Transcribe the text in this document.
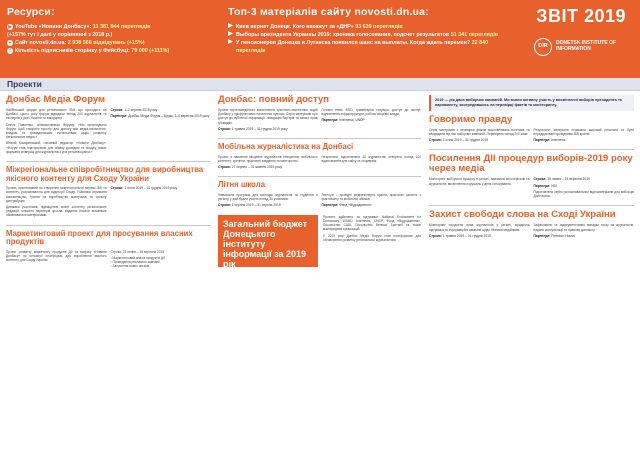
Ресурси:
▶ YouTube «Новини Донбасу»: 11 381 844 переглядів
(+157% тут і далі у порівнянні з 2018 р.)
● Сайт novosti.dn.ua: 2 938 566 відвідувань (+15%)
f Кількість підписників сторінку у Фейсбуці: 79 000 (+111%)
Топ-3 матеріалів сайту novosti.dn.ua:
Киев вернет Донецк. Кого накажут за «ДНР» 93 639 переглядів
Выборы президента Украины 2019: хроника голосования, подсчет результатов 51 341 переглядів
У пенсионеров Донецка и Луганска появился шанс на выплаты. Когда ждать перемен? 22 840
переглядів
ЗВІТ 2019
DIR	DONETSK INSTITUTE OF INFORMATION
Проекти
Донбас Медіа Форум

Найбільший форум для регіональних ЗМІ, що проходить на Донбасі. Цього року форум відвідали понад 200 журналістів та експертів з усієї України та закордону.

Олеся Павленко, співзасновниця Форуму: «Ми організували Форум, щоб створити простір для діалогу між медіа-спільнотою, владою та громадянським суспільством щодо розвитку регіональних медіа.»

Віталій Комаренський, головний редактор «Новини Донбасу»: «Форум став платформою для обміну досвідом та пошуку нових форматів співпраці для журналістів з усіх регіонів країни.»

Строки: 1–2 серпня 2019 року

Партнери: Донбас Медіа Форум – Буряк, 3–4 вересня 2019 року

Міжрегіональне співробітництво для виробництва якісного контенту для Сходу України

Проект, орієнтований на створення міжрегіональної мережі ЗМІ та контенту, розрахованого для аудиторії Сходу. Учасники отримали наставництво, гранти на виробництво матеріалів та спільну дистрибуцію.

Динаміка участників: підвищення якості контенту регіональних редакцій, кількість партнерів зросла, видання почали активніше обмінюватися матеріалами.

Строки: 1 січня 2019 – 31 грудня 2019 року

Маркетинговий проект для просування власних продуктів

Проект розвитку маркетингу продуктів ДІІ та випуску «Новини Донбасу» як основної платформи для вироблення якісного контенту для Сходу України.

Строки: 15 липня – 15 вересня 2019

• Маркетинговий аналіз продуктів ДІІ

• Проведення рекламної кампанії

• Залучення нових читачів

Донбас: повний доступ

Проект мультимедійного висвітлення суспільно-політичних подій Донбасу у прифронтових населених пунктах. Серія матеріалів про доступ до публічної інформації, ліквідацію бар'єрів та захист прав громадян.

Строки: 1 травня 2019 – 31 грудня 2019 року

Головні теми: ВПО, гуманітарна ситуація, доступ до послуг, відновлення інфраструктури, робота місцевої влади.

Партнери: Internews, UNDP

Мобільна журналістика на Донбасі

Проект з навчання місцевих журналістів створенню мобільного контенту: тренінги, практичні завдання та менторство.

Строки: 27 серпня – 31 жовтня 2019 року

Результати: підготовлено 40 журналістів, створено понад 100 відеосюжетів для сайту та соцмереж.

Літня школа

Навчальна програма для молодих журналістів та студентів з регіону, у якій брали участь понад 30 учасників.

Строки: 1 серпня 2019 – 31 серпня 2019

Лектори – провідні медіаексперти країни, практичні заняття з фактчекінгу та мобільної зйомки.

Партнери: Фонд «Відродження»

Загальний бюджет Донецького інституту інформації за 2019 рік
Надходження: 1 865 393 UAH
Витрати на проекти: 1 814 201 UAH

Проекти здійснено за підтримки: National Endowment for Democracy, USAID, Internews, UNDP, Фонд «Відродження», Посольство США, Посольство Великої Британії та інших міжнародних організацій.

У 2019 році Донбас Медіа Форум став платформою для обговорення розвитку регіональної журналістики.

2019 — рік двох виборчих кампаній. Ми взяли активну участь у висвітленні виборів президента та парламенту, зосередившись на перевірці фактів та моніторингу.

Говоримо правду

Серія матеріалів з перевірки фактів висловлювань політиків та кандидатів під час виборчих кампаній. Перевірено понад 200 заяв.

Строки: 1 січня 2019 – 31 грудня 2019

Результати: матеріали отримали широкий резонанс та були передруковані провідними ЗМІ країни.

Партнери: Internews

Посилення ДІІ процедур виборів-2019 року через медіа

Моніторинг виборчого процесу в регіоні, навчання спостерігачів та журналістів, висвітлення порушень у день голосування.

Строки: 15 липня – 15 вересня 2019

Партнери: NDI

Підготовлено серію роз'яснювальних відеоматеріалів для виборців Донеччини.

Захист свободи слова на Сході України

Моніторинг порушень прав журналістів у регіоні, юридична підтримка та інформаційні кампанії щодо безпеки медійників.

Строки: 1 травня 2019 – 31 грудня 2019

Зафіксовано та задокументовано випадки тиску на журналістів, надано консультації та правову допомогу.

Партнери: Freedom House
